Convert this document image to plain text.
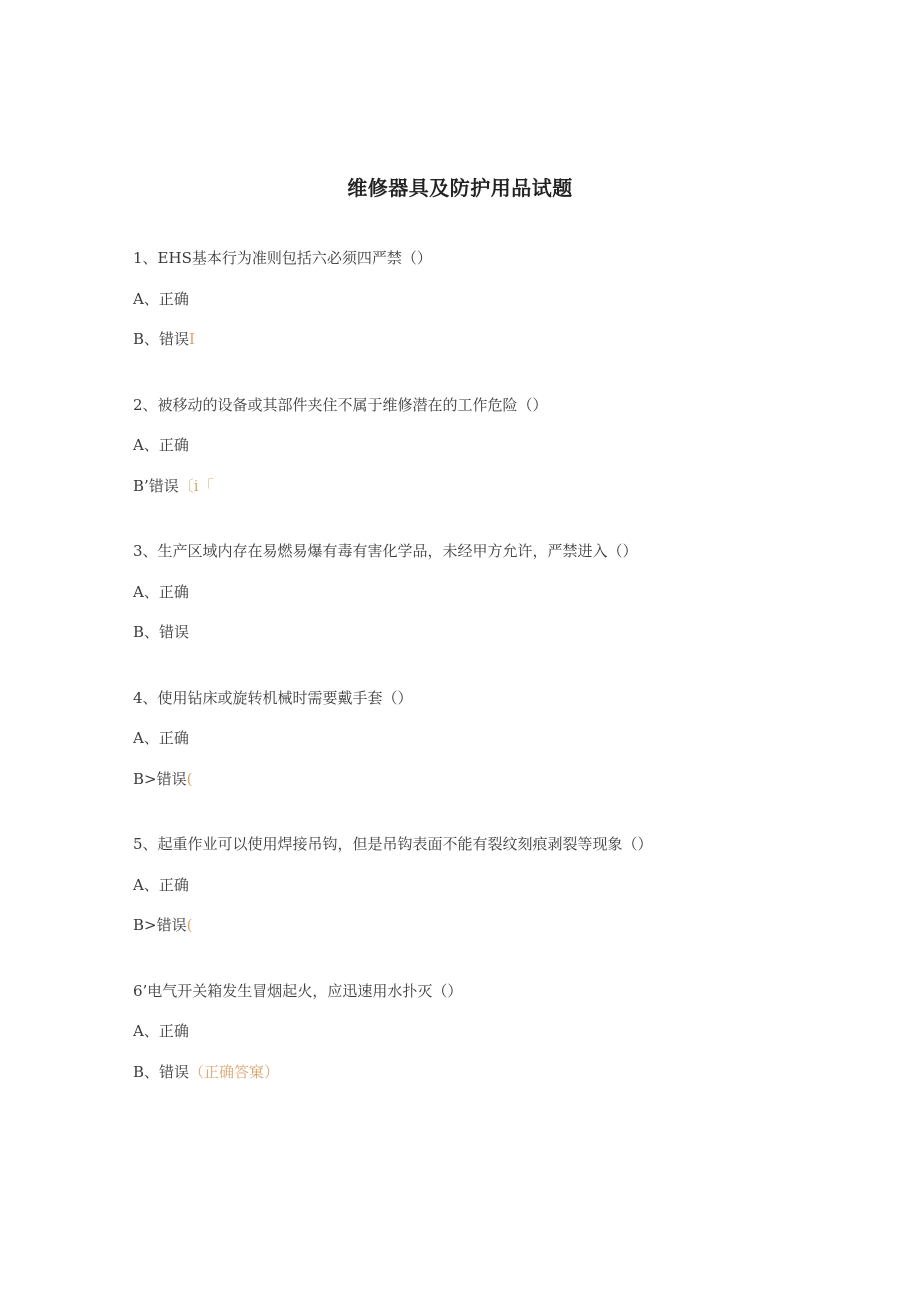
维修器具及防护用品试题
1、EHS基本行为准则包括六必须四严禁（）
A、正确
B、错误I
2、被移动的设备或其部件夹住不属于维修潜在的工作危险（）
A、正确
B’错误〔i「
3、生产区域内存在易燃易爆有毒有害化学品，未经甲方允许，严禁进入（）
A、正确
B、错误
4、使用钻床或旋转机械时需要戴手套（）
A、正确
B>错误(
5、起重作业可以使用焊接吊钩，但是吊钩表面不能有裂纹刻痕剥裂等现象（）
A、正确
B>错误(
6’电气开关箱发生冒烟起火，应迅速用水扑灭（）
A、正确
B、错误（正确答窠）
